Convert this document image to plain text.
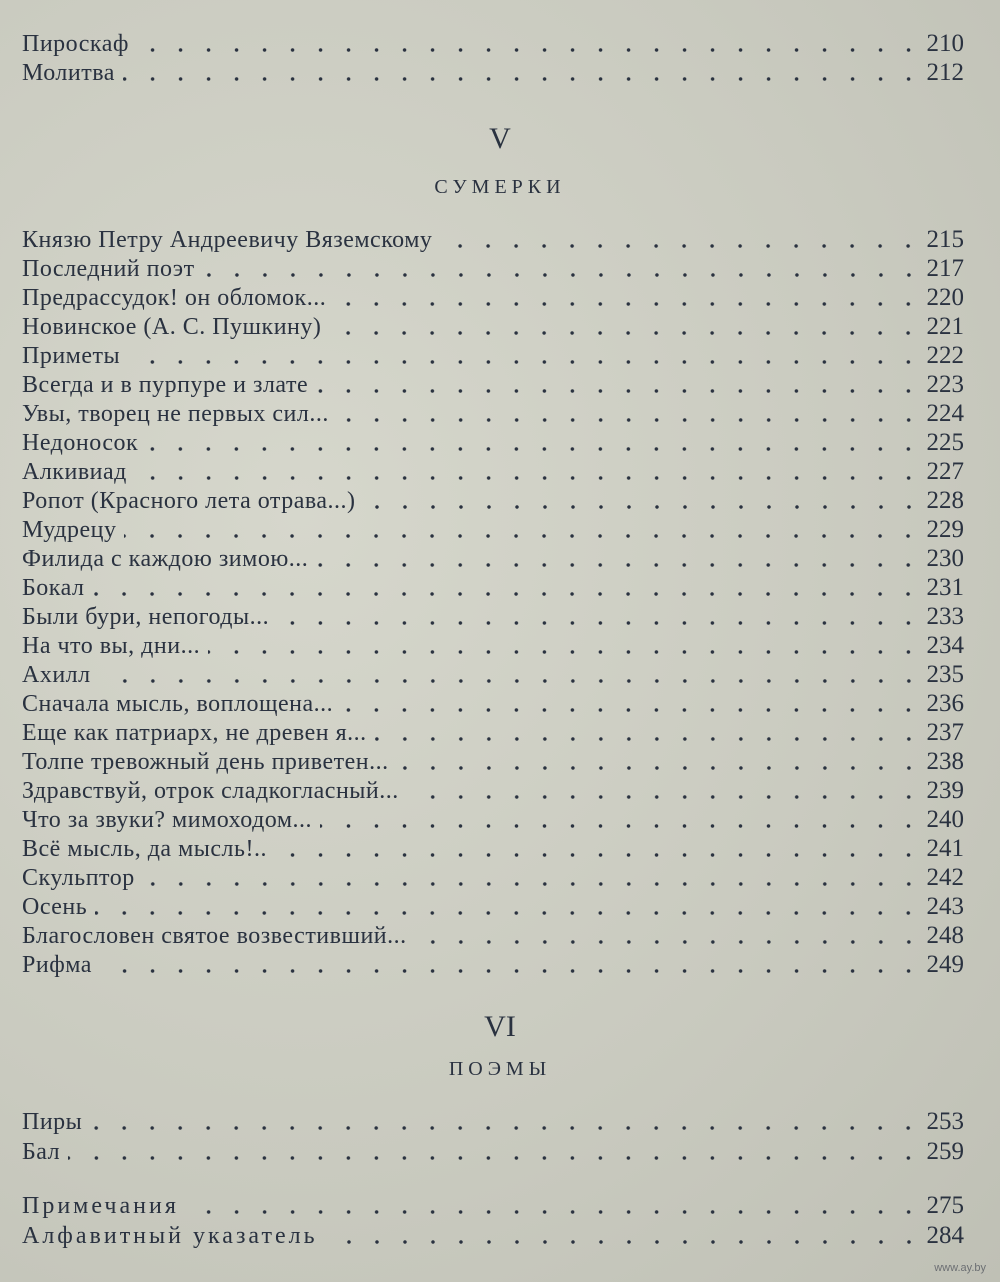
Пироскаф	210
Молитва	212
V
СУМЕРКИ
Князю Петру Андреевичу Вяземскому	215
Последний поэт	217
Предрассудок! он обломок...	220
Новинское (А. С. Пушкину)	221
Приметы	222
Всегда и в пурпуре и злате	223
Увы, творец не первых сил...	224
Недоносок	225
Алкивиад	227
Ропот (Красного лета отрава...)	228
Мудрецу	229
Филида с каждою зимою...	230
Бокал	231
Были бури, непогоды...	233
На что вы, дни...	234
Ахилл	235
Сначала мысль, воплощена...	236
Еще как патриарх, не древен я...	237
Толпе тревожный день приветен...	238
Здравствуй, отрок сладкогласный...	239
Что за звуки? мимоходом...	240
Всё мысль, да мысль!..	241
Скульптор	242
Осень	243
Благословен святое возвестивший...	248
Рифма	249
VI
ПОЭМЫ
Пиры	253
Бал	259
Примечания	275
Алфавитный указатель	284
www.ay.by
